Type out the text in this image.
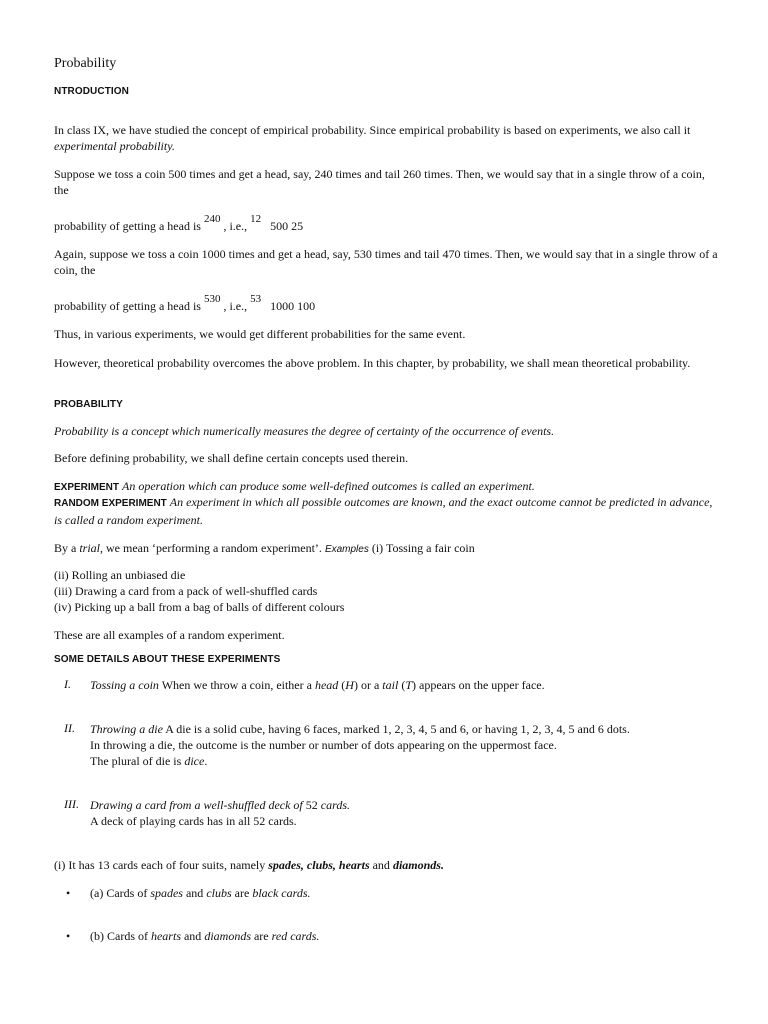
Probability
NTRODUCTION
In class IX, we have studied the concept of empirical probability. Since empirical probability is based on experiments, we also call it experimental probability.
Suppose we toss a coin 500 times and get a head, say, 240 times and tail 260 times. Then, we would say that in a single throw of a coin, the
probability of getting a head is 240 , i.e., 12 500 25
Again, suppose we toss a coin 1000 times and get a head, say, 530 times and tail 470 times. Then, we would say that in a single throw of a coin, the
probability of getting a head is 530 , i.e., 53 1000 100
Thus, in various experiments, we would get different probabilities for the same event.
However, theoretical probability overcomes the above problem. In this chapter, by probability, we shall mean theoretical probability.
PROBABILITY
Probability is a concept which numerically measures the degree of certainty of the occurrence of events.
Before defining probability, we shall define certain concepts used therein.
EXPERIMENT An operation which can produce some well-defined outcomes is called an experiment.
RANDOM EXPERIMENT An experiment in which all possible outcomes are known, and the exact outcome cannot be predicted in advance, is called a random experiment.
By a trial, we mean ‘performing a random experiment’. Examples (i) Tossing a fair coin
(ii) Rolling an unbiased die
(iii) Drawing a card from a pack of well-shuffled cards
(iv) Picking up a ball from a bag of balls of different colours
These are all examples of a random experiment.
SOME DETAILS ABOUT THESE EXPERIMENTS
I. Tossing a coin When we throw a coin, either a head (H) or a tail (T) appears on the upper face.
II. Throwing a die A die is a solid cube, having 6 faces, marked 1, 2, 3, 4, 5 and 6, or having 1, 2, 3, 4, 5 and 6 dots.
In throwing a die, the outcome is the number or number of dots appearing on the uppermost face.
The plural of die is dice.
III. Drawing a card from a well-shuffled deck of 52 cards.
A deck of playing cards has in all 52 cards.
(i) It has 13 cards each of four suits, namely spades, clubs, hearts and diamonds.
• (a) Cards of spades and clubs are black cards.
• (b) Cards of hearts and diamonds are red cards.
